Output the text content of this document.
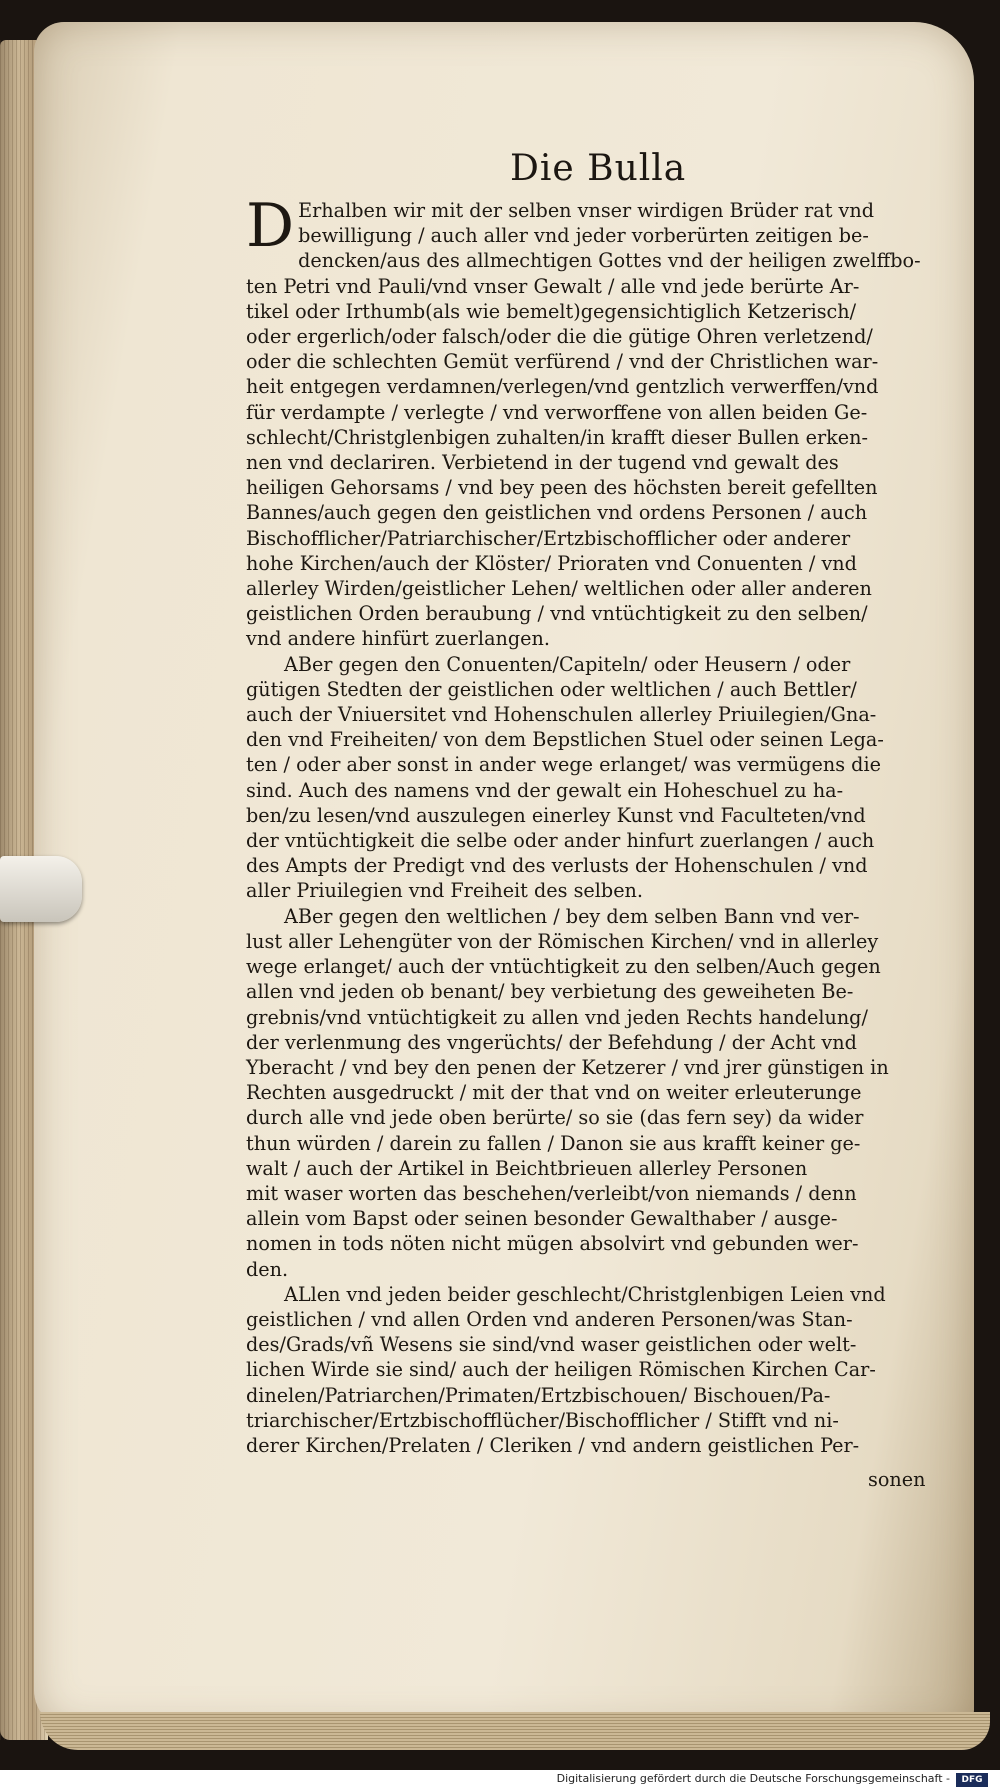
Die Bulla
D Erhalben wir mit der selben vnser wirdigen Brüder rat vnd
bewilligung / auch aller vnd jeder vorberürten zeitigen be-
dencken/aus des allmechtigen Gottes vnd der heiligen zwelffbo-
ten Petri vnd Pauli/vnd vnser Gewalt / alle vnd jede berürte Ar-
tikel oder Irthumb(als wie bemelt)gegensichtiglich Ketzerisch/
oder ergerlich/oder falsch/oder die die gütige Ohren verletzend/
oder die schlechten Gemüt verfürend / vnd der Christlichen war-
heit entgegen verdamnen/verlegen/vnd gentzlich verwerffen/vnd
für verdampte / verlegte / vnd verworffene von allen beiden Ge-
schlecht/Christglenbigen zuhalten/in krafft dieser Bullen erken-
nen vnd declariren. Verbietend in der tugend vnd gewalt des
heiligen Gehorsams / vnd bey peen des höchsten bereit gefellten
Bannes/auch gegen den geistlichen vnd ordens Personen / auch
Bischofflicher/Patriarchischer/Ertzbischofflicher oder anderer
hohe Kirchen/auch der Klöster/ Prioraten vnd Conuenten / vnd
allerley Wirden/geistlicher Lehen/ weltlichen oder aller anderen
geistlichen Orden beraubung / vnd vntüchtigkeit zu den selben/
vnd andere hinfürt zuerlangen.
ABer gegen den Conuenten/Capiteln/ oder Heusern / oder
gütigen Stedten der geistlichen oder weltlichen / auch Bettler/
auch der Vniuersitet vnd Hohenschulen allerley Priuilegien/Gna-
den vnd Freiheiten/ von dem Bepstlichen Stuel oder seinen Lega-
ten / oder aber sonst in ander wege erlanget/ was vermügens die
sind. Auch des namens vnd der gewalt ein Hoheschuel zu ha-
ben/zu lesen/vnd auszulegen einerley Kunst vnd Faculteten/vnd
der vntüchtigkeit die selbe oder ander hinfurt zuerlangen / auch
des Ampts der Predigt vnd des verlusts der Hohenschulen / vnd
aller Priuilegien vnd Freiheit des selben.
ABer gegen den weltlichen / bey dem selben Bann vnd ver-
lust aller Lehengüter von der Römischen Kirchen/ vnd in allerley
wege erlanget/ auch der vntüchtigkeit zu den selben/Auch gegen
allen vnd jeden ob benant/ bey verbietung des geweiheten Be-
grebnis/vnd vntüchtigkeit zu allen vnd jeden Rechts handelung/
der verlenmung des vngerüchts/ der Befehdung / der Acht vnd
Yberacht / vnd bey den penen der Ketzerer / vnd jrer günstigen in
Rechten ausgedruckt / mit der that vnd on weiter erleuterunge
durch alle vnd jede oben berürte/ so sie (das fern sey) da wider
thun würden / darein zu fallen / Danon sie aus krafft keiner ge-
walt / auch der Artikel in Beichtbrieuen allerley Personen
mit waser worten das beschehen/verleibt/von niemands / denn
allein vom Bapst oder seinen besonder Gewalthaber / ausge-
nomen in tods nöten nicht mügen absolvirt vnd gebunden wer-
den.
ALlen vnd jeden beider geschlecht/Christglenbigen Leien vnd
geistlichen / vnd allen Orden vnd anderen Personen/was Stan-
des/Grads/vñ Wesens sie sind/vnd waser geistlichen oder welt-
lichen Wirde sie sind/ auch der heiligen Römischen Kirchen Car-
dinelen/Patriarchen/Primaten/Ertzbischouen/ Bischouen/Pa-
triarchischer/Ertzbischofflücher/Bischofflicher / Stifft vnd ni-
derer Kirchen/Prelaten / Cleriken / vnd andern geistlichen Per-
sonen
Digitalisierung gefördert durch die Deutsche Forschungsgemeinschaft -	DFG
